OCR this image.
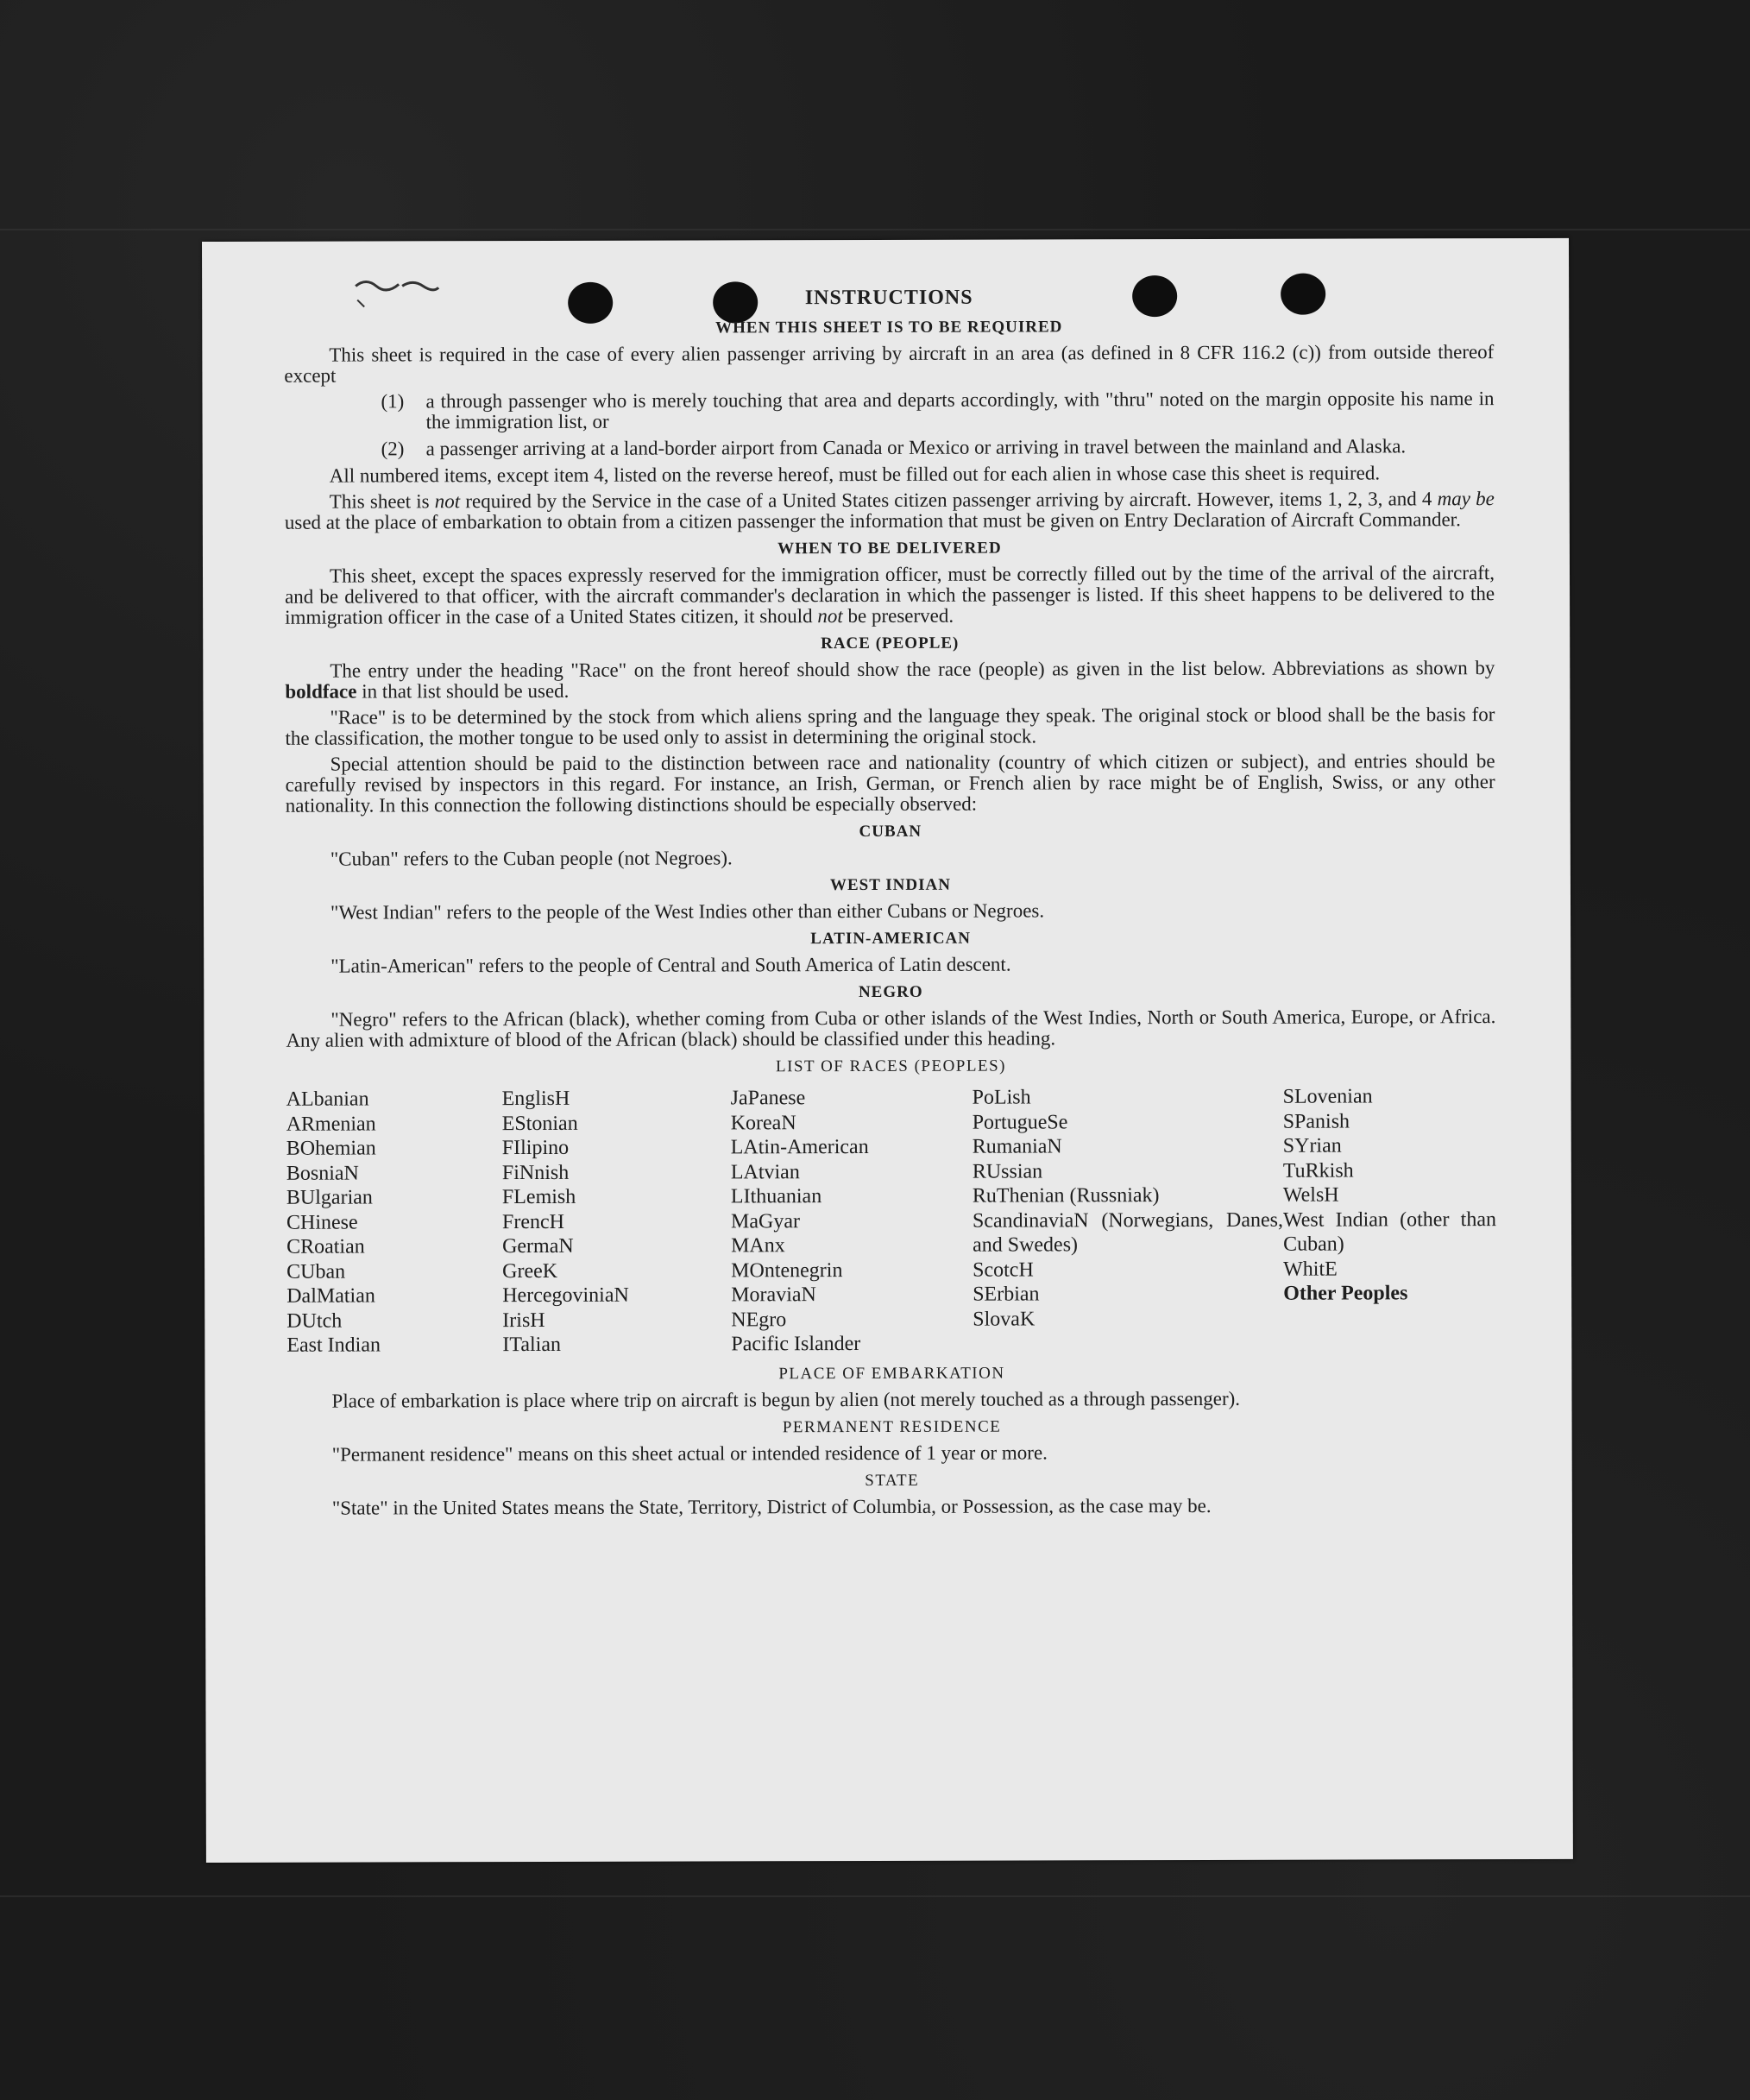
INSTRUCTIONS
WHEN THIS SHEET IS TO BE REQUIRED

This sheet is required in the case of every alien passenger arriving by aircraft in an area (as defined in 8 CFR 116.2 (c)) from outside thereof except

(1)	a through passenger who is merely touching that area and departs accordingly, with "thru" noted on the margin opposite his name in the immigration list, or
(2)	a passenger arriving at a land-border airport from Canada or Mexico or arriving in travel between the mainland and Alaska.

All numbered items, except item 4, listed on the reverse hereof, must be filled out for each alien in whose case this sheet is required.

This sheet is not required by the Service in the case of a United States citizen passenger arriving by aircraft. However, items 1, 2, 3, and 4 may be used at the place of embarkation to obtain from a citizen passenger the information that must be given on Entry Declaration of Aircraft Commander.

WHEN TO BE DELIVERED

This sheet, except the spaces expressly reserved for the immigration officer, must be correctly filled out by the time of the arrival of the aircraft, and be delivered to that officer, with the aircraft commander's declaration in which the passenger is listed. If this sheet happens to be delivered to the immigration officer in the case of a United States citizen, it should not be preserved.

RACE (PEOPLE)

The entry under the heading "Race" on the front hereof should show the race (people) as given in the list below. Abbreviations as shown by boldface in that list should be used.

"Race" is to be determined by the stock from which aliens spring and the language they speak. The original stock or blood shall be the basis for the classification, the mother tongue to be used only to assist in determining the original stock.

Special attention should be paid to the distinction between race and nationality (country of which citizen or subject), and entries should be carefully revised by inspectors in this regard. For instance, an Irish, German, or French alien by race might be of English, Swiss, or any other nationality. In this connection the following distinctions should be especially observed:

CUBAN

"Cuban" refers to the Cuban people (not Negroes).

WEST INDIAN

"West Indian" refers to the people of the West Indies other than either Cubans or Negroes.

LATIN-AMERICAN

"Latin-American" refers to the people of Central and South America of Latin descent.

NEGRO

"Negro" refers to the African (black), whether coming from Cuba or other islands of the West Indies, North or South America, Europe, or Africa. Any alien with admixture of blood of the African (black) should be classified under this heading.

LIST OF RACES (PEOPLES)
ALbanian
ARmenian
BOhemian
BosniaN
BUlgarian
CHinese
CRoatian
CUban
DalMatian
DUtch
East Indian
EnglisH
EStonian
FIlipino
FiNnish
FLemish
FrencH
GermaN
GreeK
HercegoviniaN
IrisH
ITalian
JaPanese
KoreaN
LAtin-American
LAtvian
LIthuanian
MaGyar
MAnx
MOntenegrin
MoraviaN
NEgro
Pacific Islander
PoLish
PortugueSe
RumaniaN
RUssian
RuThenian (Russniak)
ScandinaviaN (Norwegians, Danes, and Swedes)
ScotcH
SErbian
SlovaK
SLovenian
SPanish
SYrian
TuRkish
WelsH
West Indian (other than Cuban)
WhitE
Other Peoples
PLACE OF EMBARKATION

Place of embarkation is place where trip on aircraft is begun by alien (not merely touched as a through passenger).

PERMANENT RESIDENCE

"Permanent residence" means on this sheet actual or intended residence of 1 year or more.

STATE

"State" in the United States means the State, Territory, District of Columbia, or Possession, as the case may be.
